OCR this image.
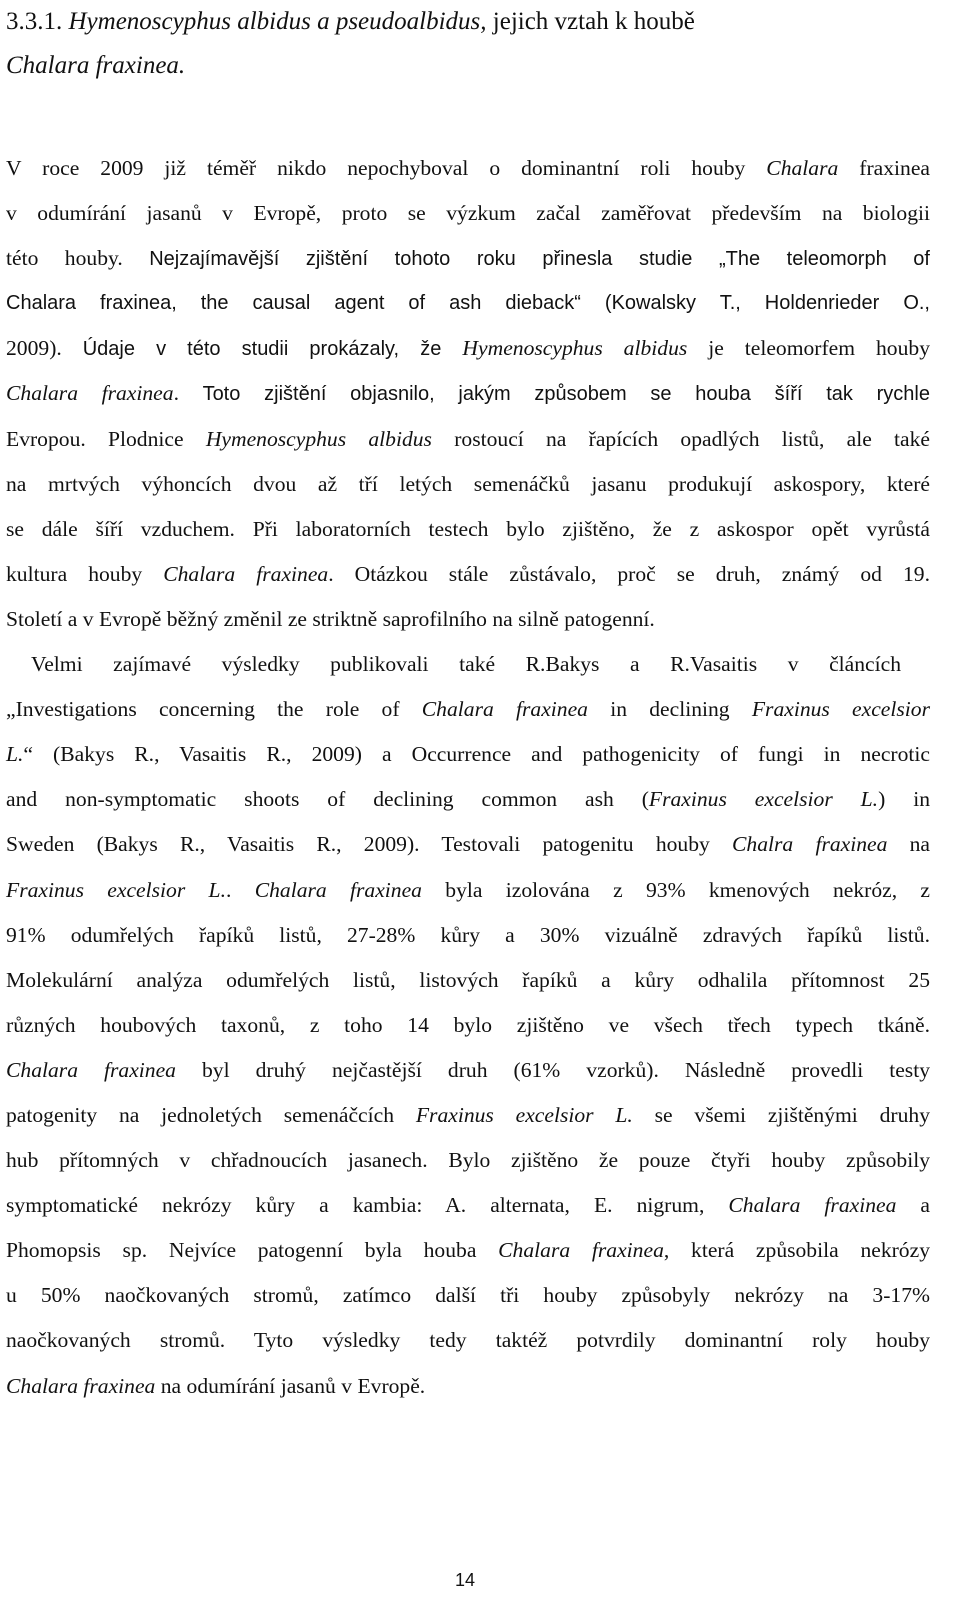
3.3.1. Hymenoscyphus albidus a pseudoalbidus, jejich vztah k houbě
Chalara fraxinea.
V roce 2009 již téměř nikdo nepochyboval o dominantní roli houby Chalara fraxinea
v odumírání jasanů v Evropě, proto se výzkum začal zaměřovat především na biologii
této houby. Nejzajímavější zjištění tohoto roku přinesla studie „The teleomorph of
Chalara fraxinea, the causal agent of ash dieback“ (Kowalsky T., Holdenrieder O.,
2009). Údaje v této studii prokázaly, že Hymenoscyphus albidus je teleomorfem houby
Chalara fraxinea. Toto zjištění objasnilo, jakým způsobem se houba šíří tak rychle
Evropou. Plodnice Hymenoscyphus albidus rostoucí na řapících opadlých listů, ale také
na mrtvých výhoncích dvou až tří letých semenáčků jasanu produkují askospory, které
se dále šíří vzduchem. Při laboratorních testech bylo zjištěno, že z askospor opět vyrůstá
kultura houby Chalara fraxinea. Otázkou stále zůstávalo, proč se druh, známý od 19.
Století a v Evropě běžný změnil ze striktně saprofilního na silně patogenní.
Velmi zajímavé výsledky publikovali také R.Bakys a R.Vasaitis v článcích
„Investigations concerning the role of Chalara fraxinea in declining Fraxinus excelsior
L.“ (Bakys R., Vasaitis R., 2009) a Occurrence and pathogenicity of fungi in necrotic
and non-symptomatic shoots of declining common ash (Fraxinus excelsior L.) in
Sweden (Bakys R., Vasaitis R., 2009). Testovali patogenitu houby Chalra fraxinea na
Fraxinus excelsior L.. Chalara fraxinea byla izolována z 93% kmenových nekróz, z
91% odumřelých řapíků listů, 27-28% kůry a 30% vizuálně zdravých řapíků listů.
Molekulární analýza odumřelých listů, listových řapíků a kůry odhalila přítomnost 25
různých houbových taxonů, z toho 14 bylo zjištěno ve všech třech typech tkáně.
Chalara fraxinea byl druhý nejčastější druh (61% vzorků). Následně provedli testy
patogenity na jednoletých semenáčcích Fraxinus excelsior L. se všemi zjištěnými druhy
hub přítomných v chřadnoucích jasanech. Bylo zjištěno že pouze čtyři houby způsobily
symptomatické nekrózy kůry a kambia: A. alternata, E. nigrum, Chalara fraxinea a
Phomopsis sp. Nejvíce patogenní byla houba Chalara fraxinea, která způsobila nekrózy
u 50% naočkovaných stromů, zatímco další tři houby způsobyly nekrózy na 3-17%
naočkovaných stromů. Tyto výsledky tedy taktéž potvrdily dominantní roly houby
Chalara fraxinea na odumírání jasanů v Evropě.
14
